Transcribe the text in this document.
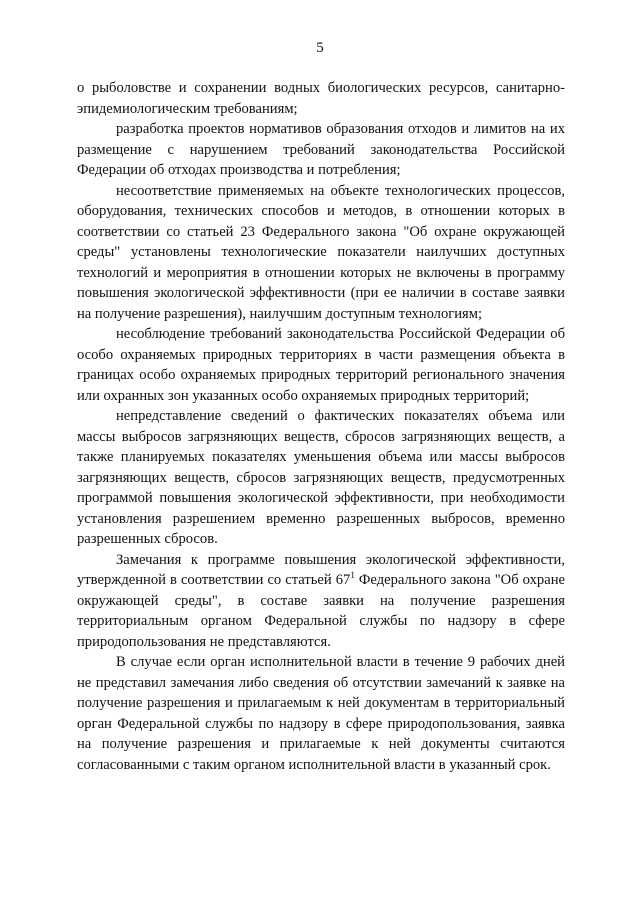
5

о рыболовстве и сохранении водных биологических ресурсов, санитарно-эпидемиологическим требованиям;

разработка проектов нормативов образования отходов и лимитов на их размещение с нарушением требований законодательства Российской Федерации об отходах производства и потребления;

несоответствие применяемых на объекте технологических процессов, оборудования, технических способов и методов, в отношении которых в соответствии со статьей 23 Федерального закона "Об охране окружающей среды" установлены технологические показатели наилучших доступных технологий и мероприятия в отношении которых не включены в программу повышения экологической эффективности (при ее наличии в составе заявки на получение разрешения), наилучшим доступным технологиям;

несоблюдение требований законодательства Российской Федерации об особо охраняемых природных территориях в части размещения объекта в границах особо охраняемых природных территорий регионального значения или охранных зон указанных особо охраняемых природных территорий;

непредставление сведений о фактических показателях объема или массы выбросов загрязняющих веществ, сбросов загрязняющих веществ, а также планируемых показателях уменьшения объема или массы выбросов загрязняющих веществ, сбросов загрязняющих веществ, предусмотренных программой повышения экологической эффективности, при необходимости установления разрешением временно разрешенных выбросов, временно разрешенных сбросов.

Замечания к программе повышения экологической эффективности, утвержденной в соответствии со статьей $67^1$ Федерального закона "Об охране окружающей среды", в составе заявки на получение разрешения территориальным органом Федеральной службы по надзору в сфере природопользования не представляются.

В случае если орган исполнительной власти в течение 9 рабочих дней не представил замечания либо сведения об отсутствии замечаний к заявке на получение разрешения и прилагаемым к ней документам в территориальный орган Федеральной службы по надзору в сфере природопользования, заявка на получение разрешения и прилагаемые к ней документы считаются согласованными с таким органом исполнительной власти в указанный срок.
